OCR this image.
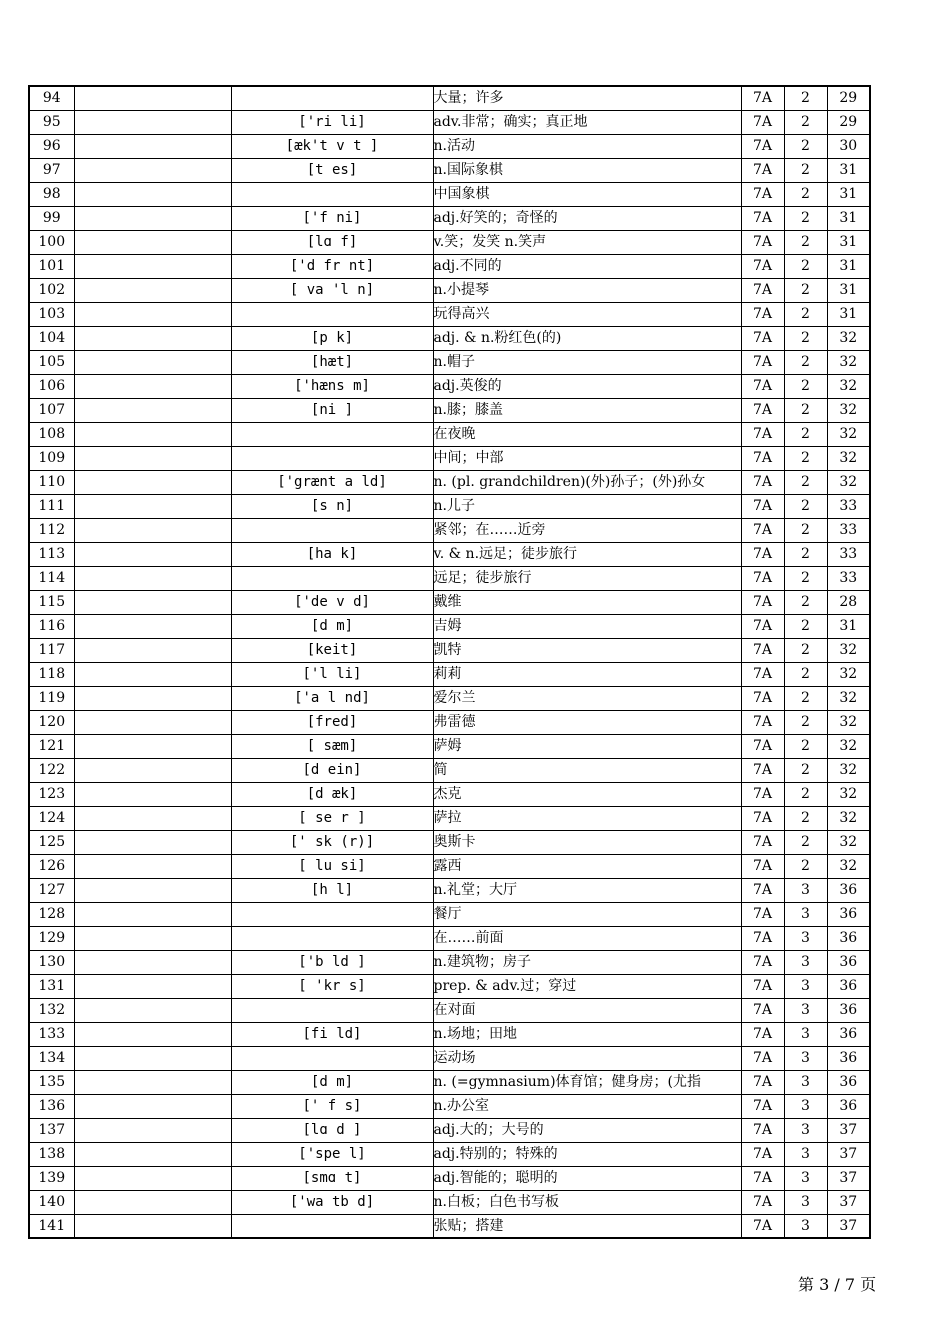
94			大量；许多	7A	2	29
95		['ri li]	adv.非常；确实；真正地	7A	2	29
96		[æk't v t ]	n.活动	7A	2	30
97		[t es]	n.国际象棋	7A	2	31
98			中国象棋	7A	2	31
99		['f ni]	adj.好笑的；奇怪的	7A	2	31
100		[lɑ f]	v.笑；发笑 n.笑声	7A	2	31
101		['d fr nt]	adj.不同的	7A	2	31
102		[ va 'l n]	n.小提琴	7A	2	31
103			玩得高兴	7A	2	31
104		[p k]	adj. & n.粉红色(的)	7A	2	32
105		[hæt]	n.帽子	7A	2	32
106		['hæns m]	adj.英俊的	7A	2	32
107		[ni ]	n.膝；膝盖	7A	2	32
108			在夜晚	7A	2	32
109			中间；中部	7A	2	32
110		['grænt a ld]	n. (pl. grandchildren)(外)孙子；(外)孙女	7A	2	32
111		[s n]	n.儿子	7A	2	33
112			紧邻；在……近旁	7A	2	33
113		[ha k]	v. & n.远足；徒步旅行	7A	2	33
114			远足；徒步旅行	7A	2	33
115		['de v d]	戴维	7A	2	28
116		[d m]	吉姆	7A	2	31
117		[keit]	凯特	7A	2	32
118		['l li]	莉莉	7A	2	32
119		['a l nd]	爱尔兰	7A	2	32
120		[fred]	弗雷德	7A	2	32
121		[ sæm]	萨姆	7A	2	32
122		[d ein]	简	7A	2	32
123		[d æk]	杰克	7A	2	32
124		[ se r ]	萨拉	7A	2	32
125		[' sk (r)]	奥斯卡	7A	2	32
126		[ lu si]	露西	7A	2	32
127		[h l]	n.礼堂；大厅	7A	3	36
128			餐厅	7A	3	36
129			在……前面	7A	3	36
130		['b ld ]	n.建筑物；房子	7A	3	36
131		[ 'kr s]	prep. & adv.过；穿过	7A	3	36
132			在对面	7A	3	36
133		[fi ld]	n.场地；田地	7A	3	36
134			运动场	7A	3	36
135		[d m]	n. (=gymnasium)体育馆；健身房；(尤指	7A	3	36
136		[' f s]	n.办公室	7A	3	36
137		[lɑ d ]	adj.大的；大号的	7A	3	37
138		['spe l]	adj.特别的；特殊的	7A	3	37
139		[smɑ t]	adj.智能的；聪明的	7A	3	37
140		['wa tb d]	n.白板；白色书写板	7A	3	37
141			张贴；搭建	7A	3	37
第 3 / 7 页
